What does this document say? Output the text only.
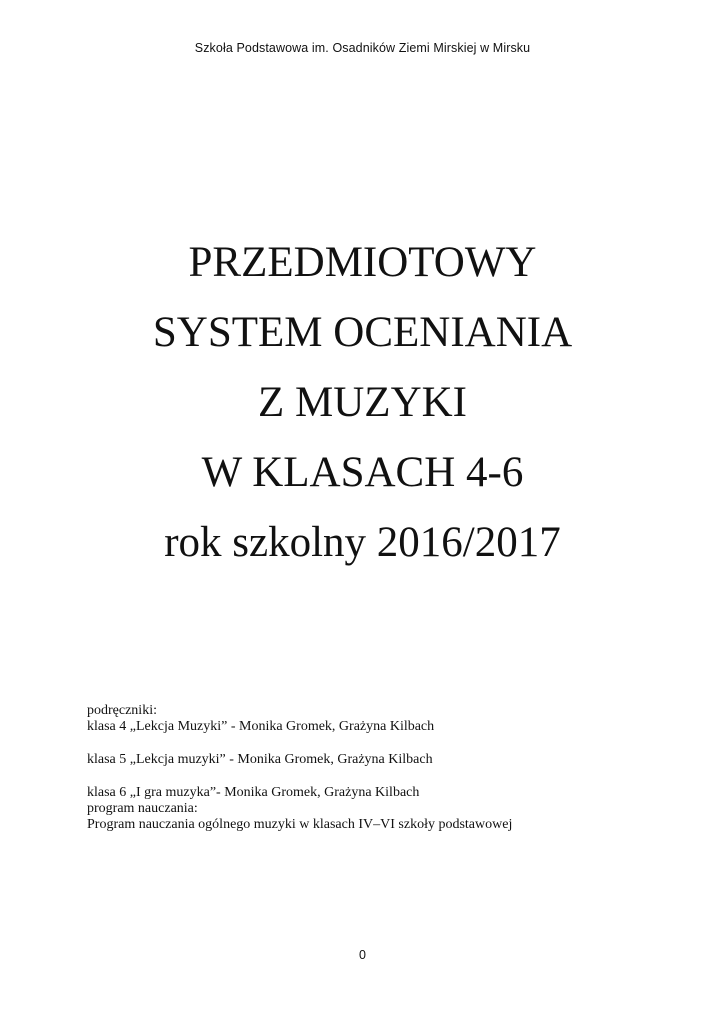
Szkoła Podstawowa im. Osadników Ziemi Mirskiej w Mirsku
PRZEDMIOTOWY
SYSTEM OCENIANIA
Z MUZYKI
W KLASACH 4-6
rok szkolny 2016/2017
podręczniki:
klasa 4 „Lekcja Muzyki” - Monika Gromek, Grażyna Kilbach
klasa 5 „Lekcja muzyki” - Monika Gromek, Grażyna Kilbach
klasa 6 „I gra muzyka”- Monika Gromek, Grażyna Kilbach
program nauczania:
Program nauczania ogólnego muzyki w klasach IV–VI szkoły podstawowej
0
